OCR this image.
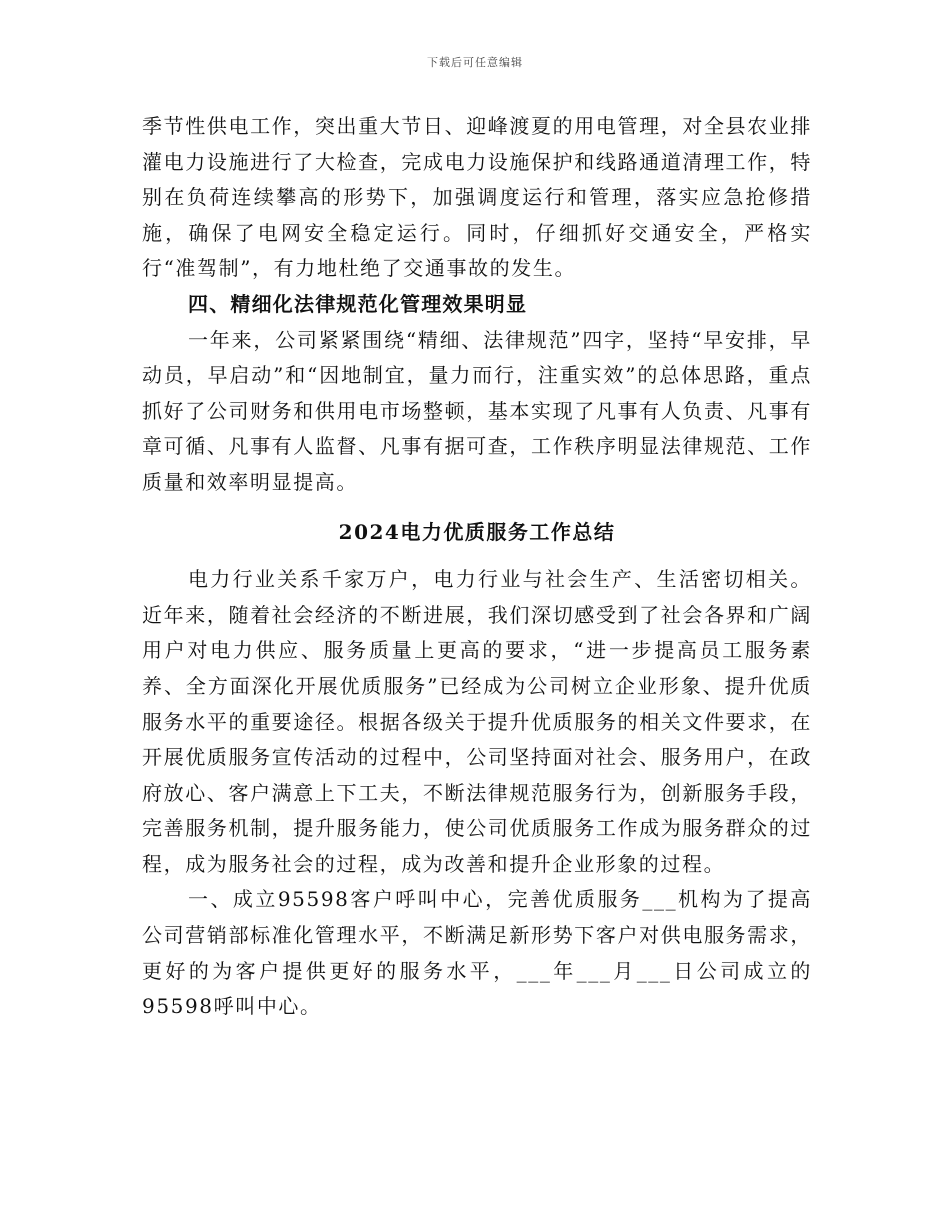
下载后可任意编辑

季节性供电工作，突出重大节日、迎峰渡夏的用电管理，对全县农业排灌电力设施进行了大检查，完成电力设施保护和线路通道清理工作，特别在负荷连续攀高的形势下，加强调度运行和管理，落实应急抢修措施，确保了电网安全稳定运行。同时，仔细抓好交通安全，严格实行“准驾制”，有力地杜绝了交通事故的发生。

四、精细化法律规范化管理效果明显

一年来，公司紧紧围绕“精细、法律规范”四字，坚持“早安排，早动员，早启动”和“因地制宜，量力而行，注重实效”的总体思路，重点抓好了公司财务和供用电市场整顿，基本实现了凡事有人负责、凡事有章可循、凡事有人监督、凡事有据可查，工作秩序明显法律规范、工作质量和效率明显提高。

2024电力优质服务工作总结

电力行业关系千家万户，电力行业与社会生产、生活密切相关。近年来，随着社会经济的不断进展，我们深切感受到了社会各界和广阔用户对电力供应、服务质量上更高的要求，“进一步提高员工服务素养、全方面深化开展优质服务”已经成为公司树立企业形象、提升优质服务水平的重要途径。根据各级关于提升优质服务的相关文件要求，在开展优质服务宣传活动的过程中，公司坚持面对社会、服务用户，在政府放心、客户满意上下工夫，不断法律规范服务行为，创新服务手段，完善服务机制，提升服务能力，使公司优质服务工作成为服务群众的过程，成为服务社会的过程，成为改善和提升企业形象的过程。

一、成立95598客户呼叫中心，完善优质服务___机构为了提高公司营销部标准化管理水平，不断满足新形势下客户对供电服务需求，更好的为客户提供更好的服务水平，___年___月___日公司成立的95598呼叫中心。
